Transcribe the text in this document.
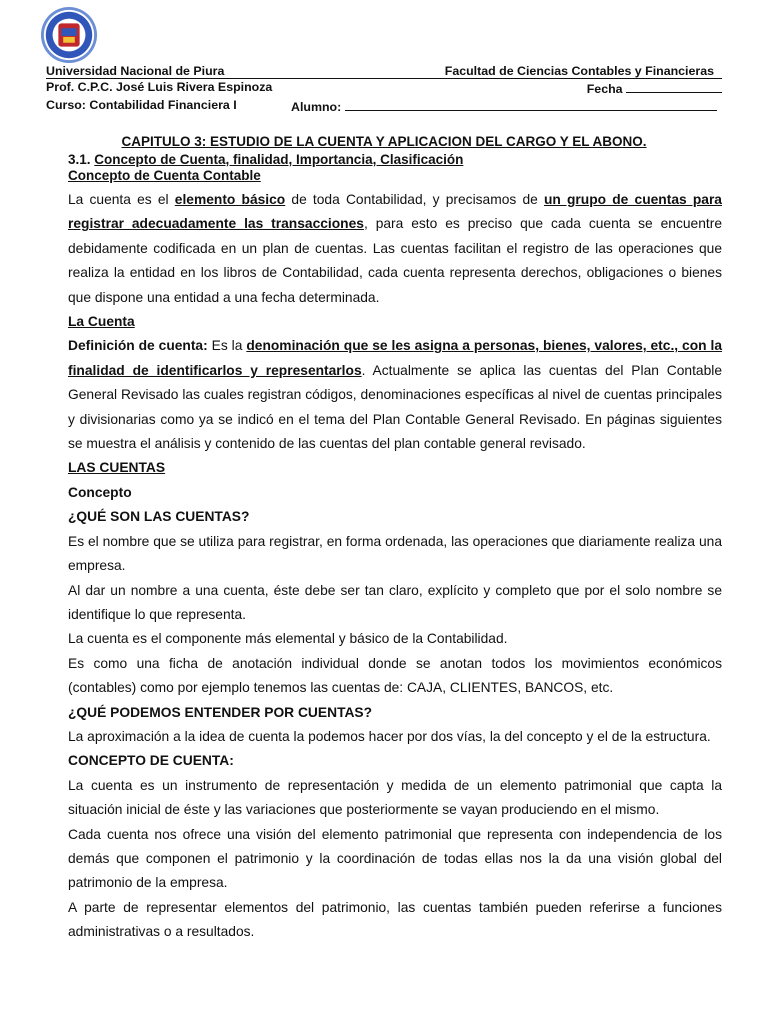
Universidad Nacional de Piura	Facultad de Ciencias Contables y Financieras
Prof. C.P.C. José Luis Rivera Espinoza	Fecha
Curso: Contabilidad Financiera I	Alumno:
CAPITULO 3: ESTUDIO DE LA CUENTA Y APLICACION DEL CARGO Y EL ABONO.
3.1. Concepto de Cuenta, finalidad, Importancia, Clasificación
Concepto de Cuenta Contable

La cuenta es el elemento básico de toda Contabilidad, y precisamos de un grupo de cuentas para registrar adecuadamente las transacciones, para esto es preciso que cada cuenta se encuentre debidamente codificada en un plan de cuentas. Las cuentas facilitan el registro de las operaciones que realiza la entidad en los libros de Contabilidad, cada cuenta representa derechos, obligaciones o bienes que dispone una entidad a una fecha determinada.

La Cuenta

Definición de cuenta: Es la denominación que se les asigna a personas, bienes, valores, etc., con la finalidad de identificarlos y representarlos. Actualmente se aplica las cuentas del Plan Contable General Revisado las cuales registran códigos, denominaciones específicas al nivel de cuentas principales y divisionarias como ya se indicó en el tema del Plan Contable General Revisado. En páginas siguientes se muestra el análisis y contenido de las cuentas del plan contable general revisado.

LAS CUENTAS

Concepto

¿QUÉ SON LAS CUENTAS?

Es el nombre que se utiliza para registrar, en forma ordenada, las operaciones que diariamente realiza una empresa.

Al dar un nombre a una cuenta, éste debe ser tan claro, explícito y completo que por el solo nombre se identifique lo que representa.

La cuenta es el componente más elemental y básico de la Contabilidad.

Es como una ficha de anotación individual donde se anotan todos los movimientos económicos (contables) como por ejemplo tenemos las cuentas de: CAJA, CLIENTES, BANCOS, etc.

¿QUÉ PODEMOS ENTENDER POR CUENTAS?

La aproximación a la idea de cuenta la podemos hacer por dos vías, la del concepto y el de la estructura.

CONCEPTO DE CUENTA:

La cuenta es un instrumento de representación y medida de un elemento patrimonial que capta la situación inicial de éste y las variaciones que posteriormente se vayan produciendo en el mismo.

Cada cuenta nos ofrece una visión del elemento patrimonial que representa con independencia de los demás que componen el patrimonio y la coordinación de todas ellas nos la da una visión global del patrimonio de la empresa.

A parte de representar elementos del patrimonio, las cuentas también pueden referirse a funciones administrativas o a resultados.
